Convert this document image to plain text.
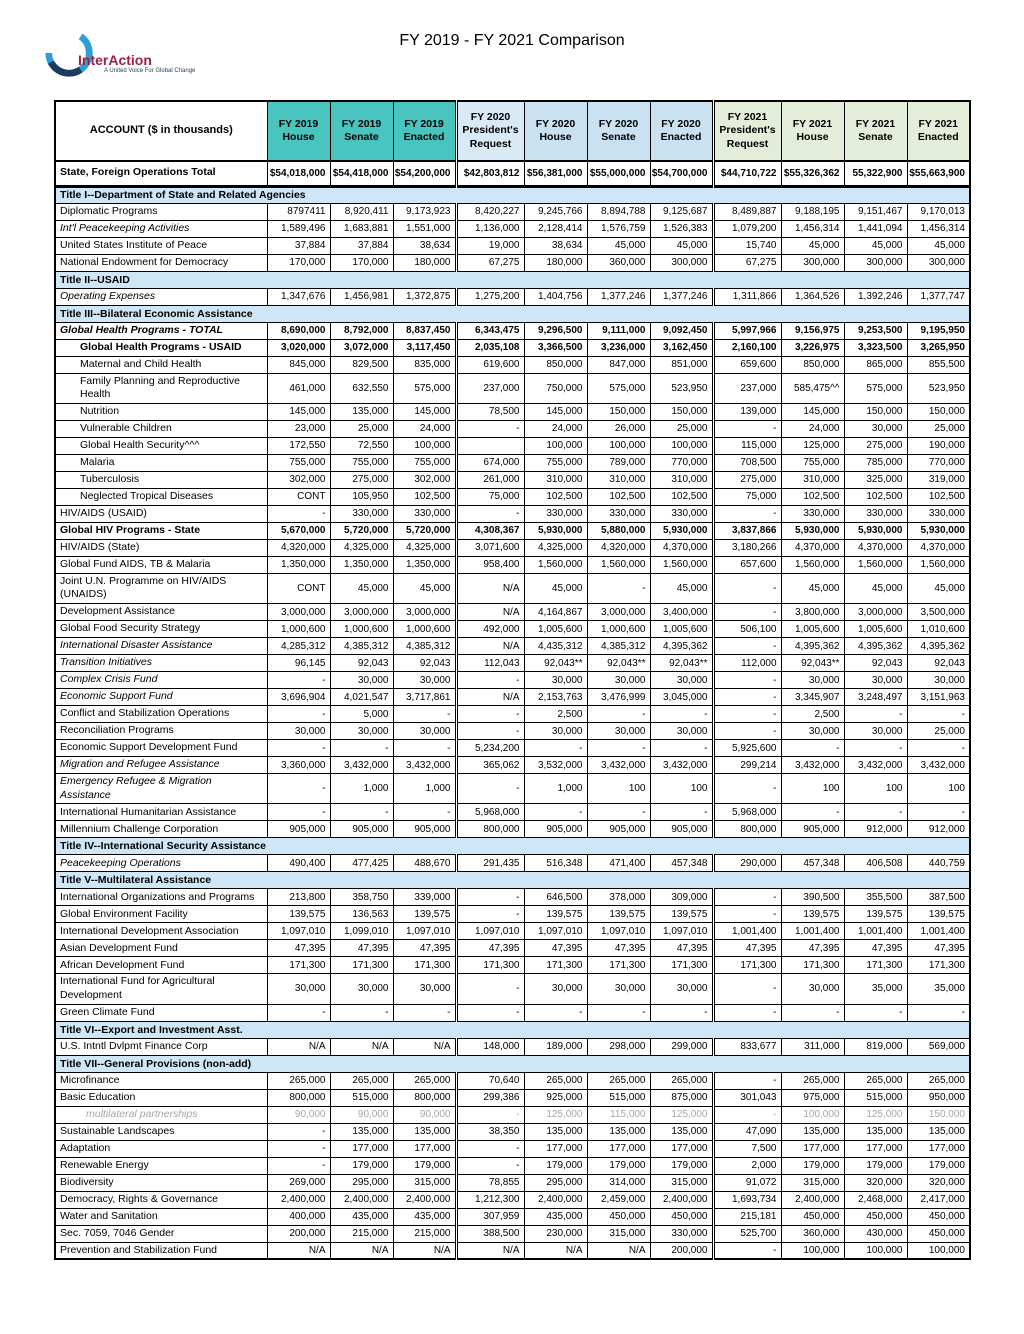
InterAction
A United Voice For Global Change
FY 2019 - FY 2021 Comparison
ACCOUNT ($ in thousands)	FY 2019 House	FY 2019 Senate	FY 2019 Enacted	FY 2020 President's Request	FY 2020 House	FY 2020 Senate	FY 2020 Enacted	FY 2021 President's Request	FY 2021 House	FY 2021 Senate	FY 2021 Enacted
State, Foreign Operations Total	$54,018,000	$54,418,000	$54,200,000	$42,803,812	$56,381,000	$55,000,000	$54,700,000	$44,710,722	$55,326,362	55,322,900	$55,663,900
Title I--Department of State and Related Agencies											
Diplomatic Programs	8797411	8,920,411	9,173,923	8,420,227	9,245,766	8,894,788	9,125,687	8,489,887	9,188,195	9,151,467	9,170,013
Int'l Peacekeeping Activities	1,589,496	1,683,881	1,551,000	1,136,000	2,128,414	1,576,759	1,526,383	1,079,200	1,456,314	1,441,094	1,456,314
United States Institute of Peace	37,884	37,884	38,634	19,000	38,634	45,000	45,000	15,740	45,000	45,000	45,000
National Endowment for Democracy	170,000	170,000	180,000	67,275	180,000	360,000	300,000	67,275	300,000	300,000	300,000
Title II--USAID											
Operating Expenses	1,347,676	1,456,981	1,372,875	1,275,200	1,404,756	1,377,246	1,377,246	1,311,866	1,364,526	1,392,246	1,377,747
Title III--Bilateral Economic Assistance											
Global Health Programs - TOTAL	8,690,000	8,792,000	8,837,450	6,343,475	9,296,500	9,111,000	9,092,450	5,997,966	9,156,975	9,253,500	9,195,950
Global Health Programs - USAID	3,020,000	3,072,000	3,117,450	2,035,108	3,366,500	3,236,000	3,162,450	2,160,100	3,226,975	3,323,500	3,265,950
Maternal and Child Health	845,000	829,500	835,000	619,600	850,000	847,000	851,000	659,600	850,000	865,000	855,500
Family Planning and Reproductive Health	461,000	632,550	575,000	237,000	750,000	575,000	523,950	237,000	585,475^^	575,000	523,950
Nutrition	145,000	135,000	145,000	78,500	145,000	150,000	150,000	139,000	145,000	150,000	150,000
Vulnerable Children	23,000	25,000	24,000	-	24,000	26,000	25,000	-	24,000	30,000	25,000
Global Health Security^^^	172,550	72,550	100,000		100,000	100,000	100,000	115,000	125,000	275,000	190,000
Malaria	755,000	755,000	755,000	674,000	755,000	789,000	770,000	708,500	755,000	785,000	770,000
Tuberculosis	302,000	275,000	302,000	261,000	310,000	310,000	310,000	275,000	310,000	325,000	319,000
Neglected Tropical Diseases	CONT	105,950	102,500	75,000	102,500	102,500	102,500	75,000	102,500	102,500	102,500
HIV/AIDS (USAID)	-	330,000	330,000	-	330,000	330,000	330,000	-	330,000	330,000	330,000
Global HIV Programs - State	5,670,000	5,720,000	5,720,000	4,308,367	5,930,000	5,880,000	5,930,000	3,837,866	5,930,000	5,930,000	5,930,000
HIV/AIDS (State)	4,320,000	4,325,000	4,325,000	3,071,600	4,325,000	4,320,000	4,370,000	3,180,266	4,370,000	4,370,000	4,370,000
Global Fund AIDS, TB & Malaria	1,350,000	1,350,000	1,350,000	958,400	1,560,000	1,560,000	1,560,000	657,600	1,560,000	1,560,000	1,560,000
Joint U.N. Programme on HIV/AIDS (UNAIDS)	CONT	45,000	45,000	N/A	45,000	-	45,000	-	45,000	45,000	45,000
Development Assistance	3,000,000	3,000,000	3,000,000	N/A	4,164,867	3,000,000	3,400,000	-	3,800,000	3,000,000	3,500,000
Global Food Security Strategy	1,000,600	1,000,600	1,000,600	492,000	1,005,600	1,000,600	1,005,600	506,100	1,005,600	1,005,600	1,010,600
International Disaster Assistance	4,285,312	4,385,312	4,385,312	N/A	4,435,312	4,385,312	4,395,362	-	4,395,362	4,395,362	4,395,362
Transition Initiatives	96,145	92,043	92,043	112,043	92,043**	92,043**	92,043**	112,000	92,043**	92,043	92,043
Complex Crisis Fund	-	30,000	30,000	-	30,000	30,000	30,000	-	30,000	30,000	30,000
Economic Support Fund	3,696,904	4,021,547	3,717,861	N/A	2,153,763	3,476,999	3,045,000	-	3,345,907	3,248,497	3,151,963
Conflict and Stabilization Operations	-	5,000	-	-	2,500	-	-	-	2,500	-	-
Reconciliation Programs	30,000	30,000	30,000	-	30,000	30,000	30,000	-	30,000	30,000	25,000
Economic Support Development Fund	-	-	-	5,234,200	-	-	-	5,925,600	-	-	-
Migration and Refugee Assistance	3,360,000	3,432,000	3,432,000	365,062	3,532,000	3,432,000	3,432,000	299,214	3,432,000	3,432,000	3,432,000
Emergency Refugee & Migration Assistance	-	1,000	1,000	-	1,000	100	100	-	100	100	100
International Humanitarian Assistance	-	-	-	5,968,000	-	-	-	5,968,000	-	-	-
Millennium Challenge Corporation	905,000	905,000	905,000	800,000	905,000	905,000	905,000	800,000	905,000	912,000	912,000
Title IV--International Security Assistance											
Peacekeeping Operations	490,400	477,425	488,670	291,435	516,348	471,400	457,348	290,000	457,348	406,508	440,759
Title V--Multilateral Assistance											
International Organizations and Programs	213,800	358,750	339,000	-	646,500	378,000	309,000	-	390,500	355,500	387,500
Global Environment Facility	139,575	136,563	139,575	-	139,575	139,575	139,575	-	139,575	139,575	139,575
International Development Association	1,097,010	1,099,010	1,097,010	1,097,010	1,097,010	1,097,010	1,097,010	1,001,400	1,001,400	1,001,400	1,001,400
Asian Development Fund	47,395	47,395	47,395	47,395	47,395	47,395	47,395	47,395	47,395	47,395	47,395
African Development Fund	171,300	171,300	171,300	171,300	171,300	171,300	171,300	171,300	171,300	171,300	171,300
International Fund for Agricultural Development	30,000	30,000	30,000	-	30,000	30,000	30,000	-	30,000	35,000	35,000
Green Climate Fund	-	-	-	-	-	-	-	-	-	-	-
Title VI--Export and Investment Asst.											
U.S. Intntl Dvlpmt Finance Corp	N/A	N/A	N/A	148,000	189,000	298,000	299,000	833,677	311,000	819,000	569,000
Title VII--General Provisions (non-add)											
Microfinance	265,000	265,000	265,000	70,640	265,000	265,000	265,000	-	265,000	265,000	265,000
Basic Education	800,000	515,000	800,000	299,386	925,000	515,000	875,000	301,043	975,000	515,000	950,000
multilateral partnerships	90,000	90,000	90,000	-	125,000	115,000	125,000	-	100,000	125,000	150,000
Sustainable Landscapes	-	135,000	135,000	38,350	135,000	135,000	135,000	47,090	135,000	135,000	135,000
Adaptation	-	177,000	177,000	-	177,000	177,000	177,000	7,500	177,000	177,000	177,000
Renewable Energy	-	179,000	179,000	-	179,000	179,000	179,000	2,000	179,000	179,000	179,000
Biodiversity	269,000	295,000	315,000	78,855	295,000	314,000	315,000	91,072	315,000	320,000	320,000
Democracy, Rights & Governance	2,400,000	2,400,000	2,400,000	1,212,300	2,400,000	2,459,000	2,400,000	1,693,734	2,400,000	2,468,000	2,417,000
Water and Sanitation	400,000	435,000	435,000	307,959	435,000	450,000	450,000	215,181	450,000	450,000	450,000
Sec. 7059, 7046 Gender	200,000	215,000	215,000	388,500	230,000	315,000	330,000	525,700	360,000	430,000	450,000
Prevention and Stabilization Fund	N/A	N/A	N/A	N/A	N/A	N/A	200,000	-	100,000	100,000	100,000
